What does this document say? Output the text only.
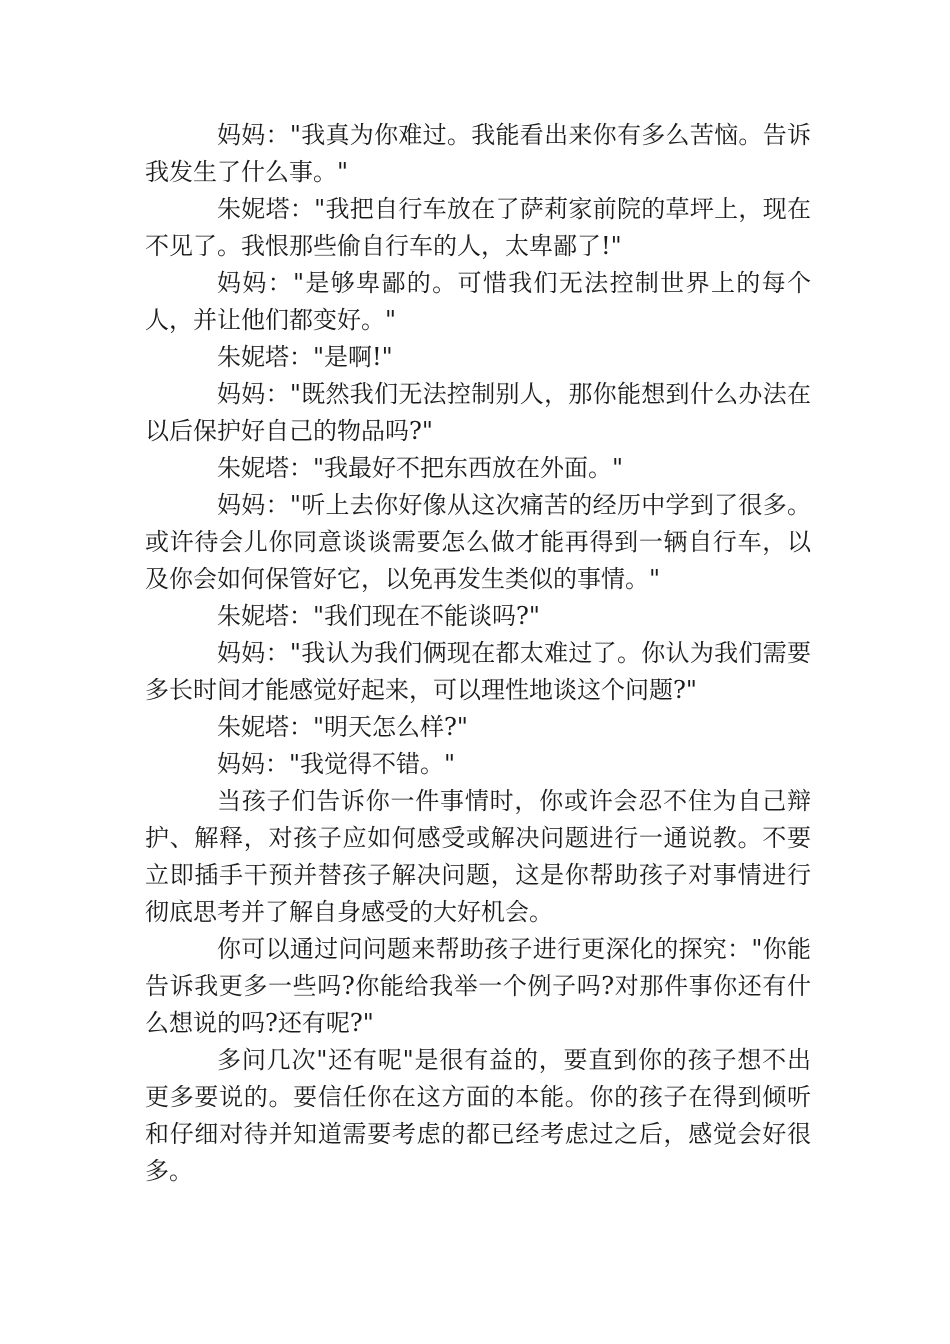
妈妈："我真为你难过。我能看出来你有多么苦恼。告诉我发生了什么事。"

朱妮塔："我把自行车放在了萨莉家前院的草坪上，现在不见了。我恨那些偷自行车的人，太卑鄙了!"

妈妈："是够卑鄙的。可惜我们无法控制世界上的每个人，并让他们都变好。"

朱妮塔："是啊!"

妈妈："既然我们无法控制别人，那你能想到什么办法在以后保护好自己的物品吗?"

朱妮塔："我最好不把东西放在外面。"

妈妈："听上去你好像从这次痛苦的经历中学到了很多。或许待会儿你同意谈谈需要怎么做才能再得到一辆自行车，以及你会如何保管好它，以免再发生类似的事情。"

朱妮塔："我们现在不能谈吗?"

妈妈："我认为我们俩现在都太难过了。你认为我们需要多长时间才能感觉好起来，可以理性地谈这个问题?"

朱妮塔："明天怎么样?"

妈妈："我觉得不错。"

当孩子们告诉你一件事情时，你或许会忍不住为自己辩护、解释，对孩子应如何感受或解决问题进行一通说教。不要立即插手干预并替孩子解决问题，这是你帮助孩子对事情进行彻底思考并了解自身感受的大好机会。

你可以通过问问题来帮助孩子进行更深化的探究："你能告诉我更多一些吗?你能给我举一个例子吗?对那件事你还有什么想说的吗?还有呢?"

多问几次"还有呢"是很有益的，要直到你的孩子想不出更多要说的。要信任你在这方面的本能。你的孩子在得到倾听和仔细对待并知道需要考虑的都已经考虑过之后，感觉会好很多。
